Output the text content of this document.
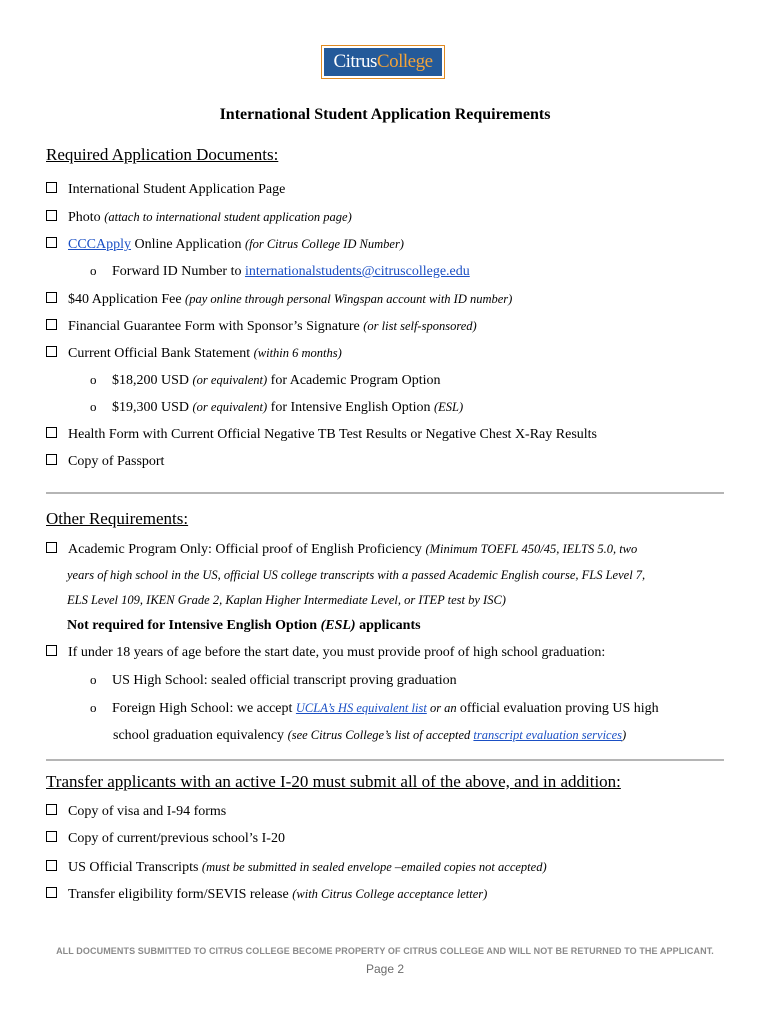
CitrusCollege
International Student Application Requirements
Required Application Documents:
International Student Application Page
Photo (attach to international student application page)
CCCApply Online Application (for Citrus College ID Number)
o Forward ID Number to internationalstudents@citruscollege.edu
$40 Application Fee (pay online through personal Wingspan account with ID number)
Financial Guarantee Form with Sponsor’s Signature (or list self-sponsored)
Current Official Bank Statement (within 6 months)
o $18,200 USD (or equivalent) for Academic Program Option
o $19,300 USD (or equivalent) for Intensive English Option (ESL)
Health Form with Current Official Negative TB Test Results or Negative Chest X-Ray Results
Copy of Passport
Other Requirements:
Academic Program Only: Official proof of English Proficiency (Minimum TOEFL 450/45, IELTS 5.0, two
years of high school in the US, official US college transcripts with a passed Academic English course, FLS Level 7,
ELS Level 109, IKEN Grade 2, Kaplan Higher Intermediate Level, or ITEP test by ISC)
Not required for Intensive English Option (ESL) applicants
If under 18 years of age before the start date, you must provide proof of high school graduation:
o US High School: sealed official transcript proving graduation
o Foreign High School: we accept UCLA’s HS equivalent list or an official evaluation proving US high
school graduation equivalency (see Citrus College’s list of accepted transcript evaluation services)
Transfer applicants with an active I-20 must submit all of the above, and in addition:
Copy of visa and I-94 forms
Copy of current/previous school’s I-20
US Official Transcripts (must be submitted in sealed envelope –emailed copies not accepted)
Transfer eligibility form/SEVIS release (with Citrus College acceptance letter)
ALL DOCUMENTS SUBMITTED TO CITRUS COLLEGE BECOME PROPERTY OF CITRUS COLLEGE AND WILL NOT BE RETURNED TO THE APPLICANT.
Page 2
